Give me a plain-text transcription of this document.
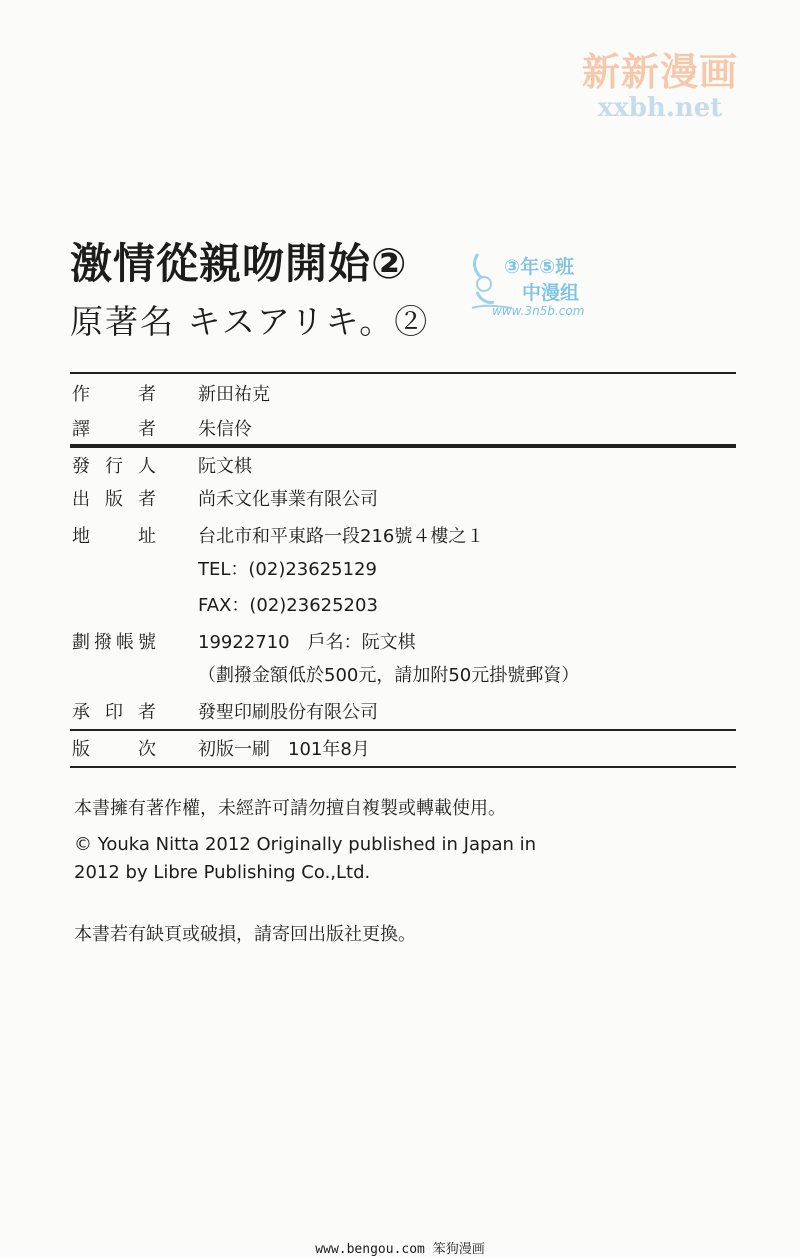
新新漫画
xxbh.net
激情從親吻開始②
原著名 キスアリキ。②
③年⑤班
中漫组
www.3n5b.com
作	者 新田祐克
譯	者 朱信伶
發 行 人 阮文棋
出 版 者 尚禾文化事業有限公司
地	址 台北市和平東路一段216號４樓之１
TEL：(02)23625129
FAX：(02)23625203
劃 撥 帳 號 19922710　戶名：阮文棋
（劃撥金額低於500元，請加附50元掛號郵資）
承 印 者 發聖印刷股份有限公司
版	次 初版一刷　101年8月
本書擁有著作權，未經許可請勿擅自複製或轉載使用。
© Youka Nitta 2012 Originally published in Japan in
2012 by Libre Publishing Co.,Ltd.
本書若有缺頁或破損，請寄回出版社更換。
www.bengou.com 笨狗漫画
